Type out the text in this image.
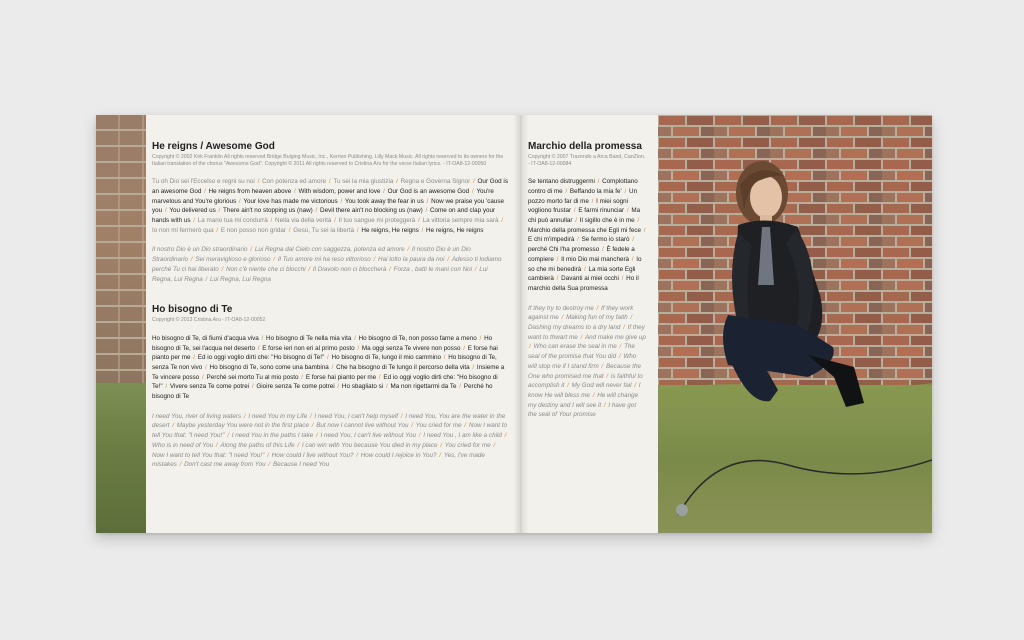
He reigns / Awesome God
Copyright © 2002 Kirk Franklin All rights reserved Bridge Bulging Music, Inc., Kerrion Publishing, Lilly Mack Music. All rights reserved to its owners for the Italian translation of the chorus "Awesome God". Copyright © 2011 All rights reserved to Cristina Aru for the verse Italian lyrics. - IT-OA8-12-00050
Tu oh Dio sei l'Eccelso e regni su noi / Con potenza ed amore / Tu sei la mia giustizia / Regna e Governa Signor / Our God is an awesome God / He reigns from heaven above / With wisdom, power and love / Our God is an awesome God / You're marvelous and You're glorious / Your love has made me victorious / You took away the fear in us / Now we praise you 'cause you / You delivered us / There ain't no stopping us (naw) / Devil there ain't no blocking us (naw) / Come on and clap your hands with us / La mano tua mi condurrà / Nella via della verità / Il tuo sangue mi proteggerà / La vittoria sempre mia sarà / Io non mi fermerò qua / E non posso non gridar / Gesù, Tu sei la libertà / He reigns, He reigns / He reigns, He reigns
Il nostro Dio è un Dio straordinario / Lui Regna dal Cielo con saggezza, potenza ed amore / Il nostro Dio è un Dio Straordinario / Sei meraviglioso e glorioso / Il Tuo amore mi ha reso vittorioso / Hai tolto la paura da noi / Adesso ti lodiamo perché Tu ci hai liberato / Non c'è niente che ci blocchi / Il Diavolo non ci bloccherà / Forza , batti le mani con Noi / Lui Regna, Lui Regna / Lui Regna, Lui Regna
Ho bisogno di Te
Copyright © 2013 Cristina Aru - IT-OA8-12-00052
Ho bisogno di Te, di fiumi d'acqua viva / Ho bisogno di Te nella mia vita / Ho bisogno di Te, non posso farne a meno / Ho bisogno di Te, sei l'acqua nel deserto / E forse ieri non eri al primo posto / Ma oggi senza Te vivere non posso / E forse hai pianto per me / Ed io oggi voglio dirti che: "Ho bisogno di Te!" / Ho bisogno di Te, lungo il mio cammino / Ho bisogno di Te, senza Te non vivo / Ho bisogno di Te, sono come una bambina / Che ha bisogno di Te lungo il percorso della vita / Insieme a Te vincere posso / Perché sei morto Tu al mio posto / E forse hai pianto per me / Ed io oggi voglio dirti che: "Ho bisogno di Te!" / Vivere senza Te come potrei / Gioire senza Te come potrei / Ho sbagliato si / Ma non rigettarmi da Te / Perché ho bisogno di Te
I need You, river of living waters / I need You in my Life / I need You, I can't help myself / I need You, You are the water in the desert / Maybe yesterday You were not in the first place / But now I cannot live without You / You cried for me / Now I want to tell You that: "I need You!" / I need You in the paths I take / I need You, I can't live without You / I need You , I am like a child / Who is in need of You / Along the paths of this Life / I can win with You because You died in my place / You cried for me / Now I want to tell You that: "I need You!" / How could I live without You? / How could I rejoice in You? / Yes, I've made mistakes / Don't cast me away from You / Because I need You
Marchio della promessa
Copyright © 2007 Trazendo a Arca Band, CanZion. - IT-OA8-12-00084
Se tentano distruggermi / Complottano contro di me / Beffando la mia fe' / Un pozzo morto far di me / I miei sogni vogliono frustar / E farmi rinunciar / Ma chi può annullar / Il sigillo che è in me / Marchio della promessa che Egli mi fece / E chi m'impedirà / Se fermo io starò / perché Chi l'ha promesso / È fedele a compiere / Il mio Dio mai mancherà / Io so che mi benedirà / La mia sorte Egli cambierà / Davanti ai miei occhi / Ho il marchio della Sua promessa
If they try to destroy me / If they work against me / Making fun of my faith / Dashing my dreams to a dry land / If they want to thwart me / And make me give up / Who can erase the seal in me / The seal of the promise that You did / Who will stop me if I stand firm / Because the One who promised me that / is faithful to accomplish it / My God will never fail / I know He will bless me / He will change my destiny and I will see it / I have got the seal of Your promise
